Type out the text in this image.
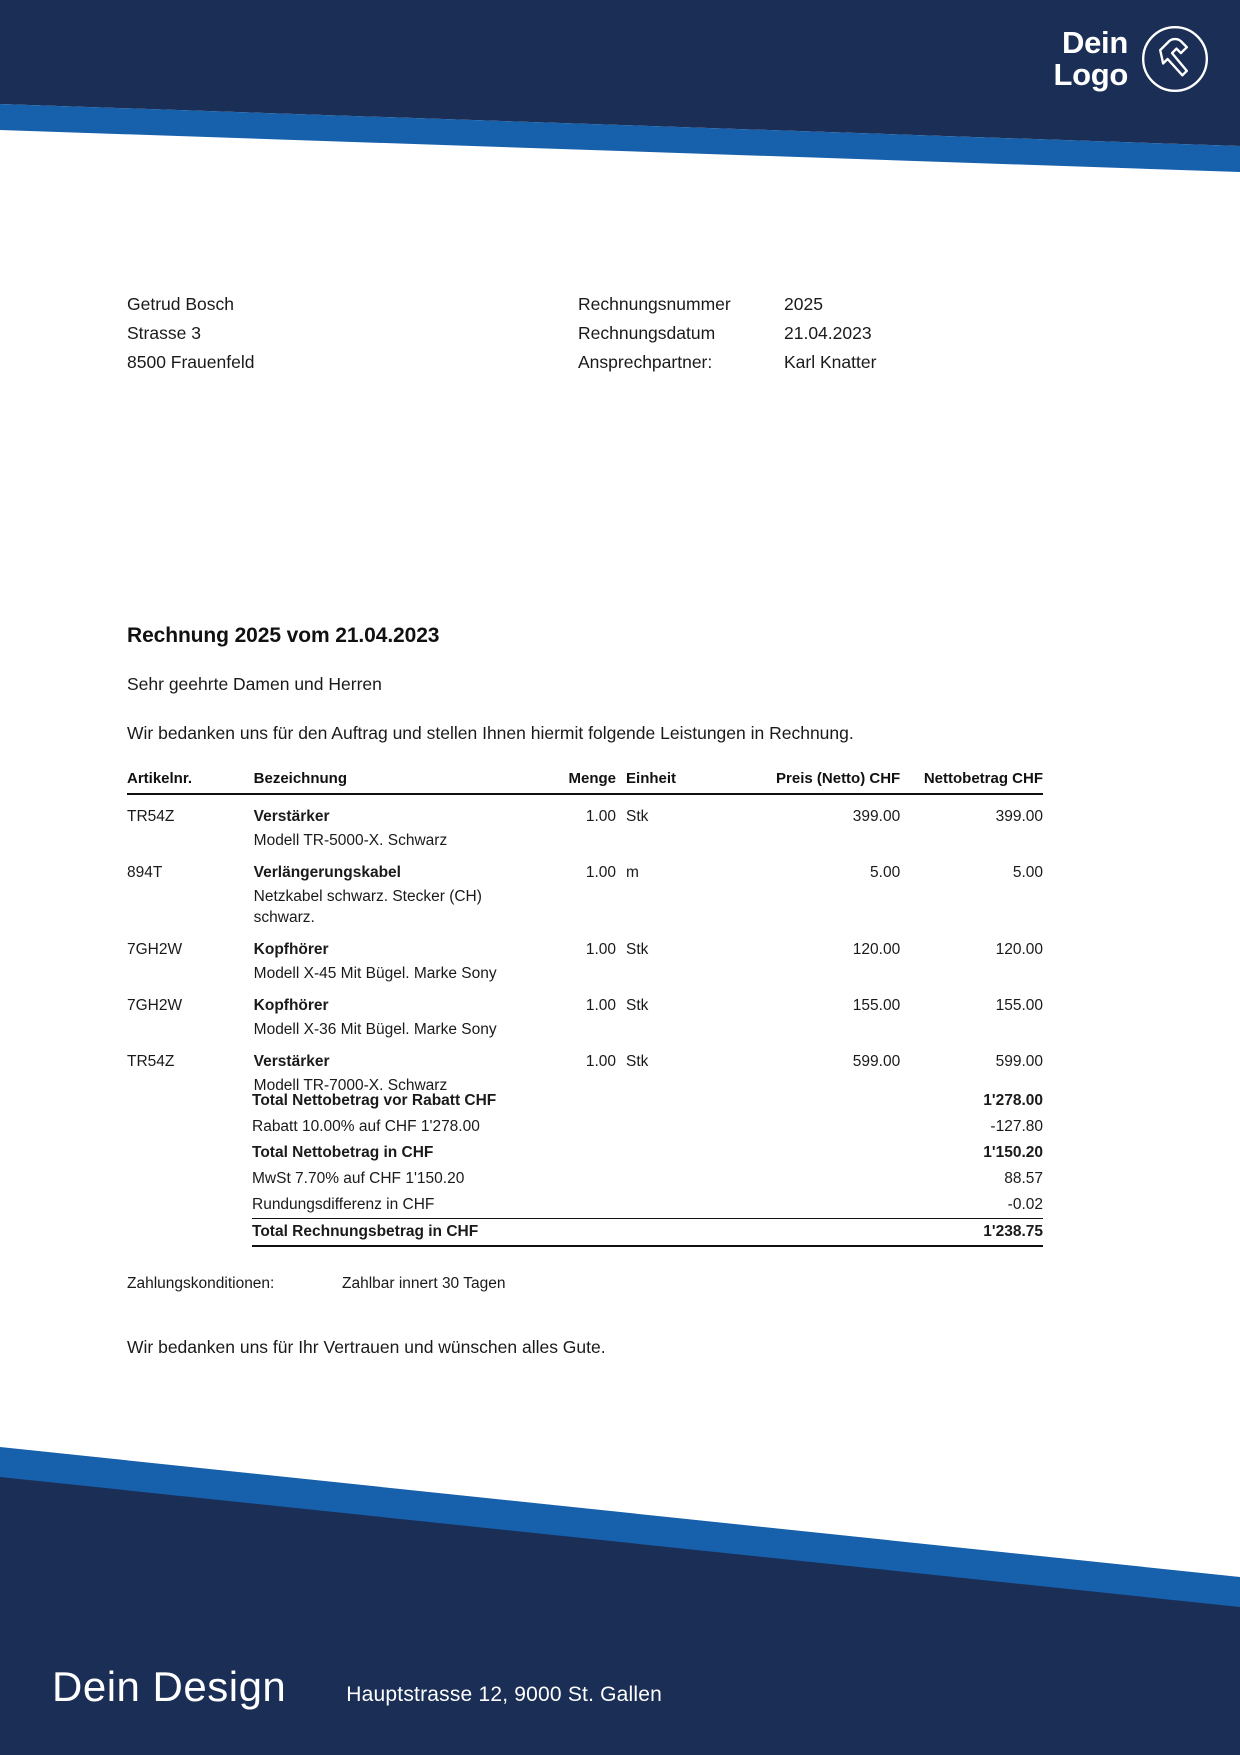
Dein
Logo
Getrud Bosch
Strasse 3
8500 Frauenfeld
Rechnungsnummer	2025
Rechnungsdatum	21.04.2023
Ansprechpartner:	Karl Knatter
Rechnung 2025 vom 21.04.2023
Sehr geehrte Damen und Herren
Wir bedanken uns für den Auftrag und stellen Ihnen hiermit folgende Leistungen in Rechnung.
Artikelnr.	Bezeichnung	Menge	Einheit	Preis (Netto) CHF	Nettobetrag CHF
TR54Z	Verstärker	1.00	Stk	399.00	399.00
	Modell TR-5000-X. Schwarz				
894T	Verlängerungskabel	1.00	m	5.00	5.00
	Netzkabel schwarz. Stecker (CH) schwarz.				
7GH2W	Kopfhörer	1.00	Stk	120.00	120.00
	Modell X-45 Mit Bügel. Marke Sony				
7GH2W	Kopfhörer	1.00	Stk	155.00	155.00
	Modell X-36 Mit Bügel. Marke Sony				
TR54Z	Verstärker	1.00	Stk	599.00	599.00
	Modell TR-7000-X. Schwarz				
Total Nettobetrag vor Rabatt CHF	1'278.00
Rabatt 10.00% auf CHF 1'278.00	-127.80
Total Nettobetrag in CHF	1'150.20
MwSt 7.70% auf CHF 1'150.20	88.57
Rundungsdifferenz in CHF	-0.02
Total Rechnungsbetrag in CHF	1'238.75
Zahlungskonditionen:	Zahlbar innert 30 Tagen
Wir bedanken uns für Ihr Vertrauen und wünschen alles Gute.
Dein Design	Hauptstrasse 12, 9000 St. Gallen
